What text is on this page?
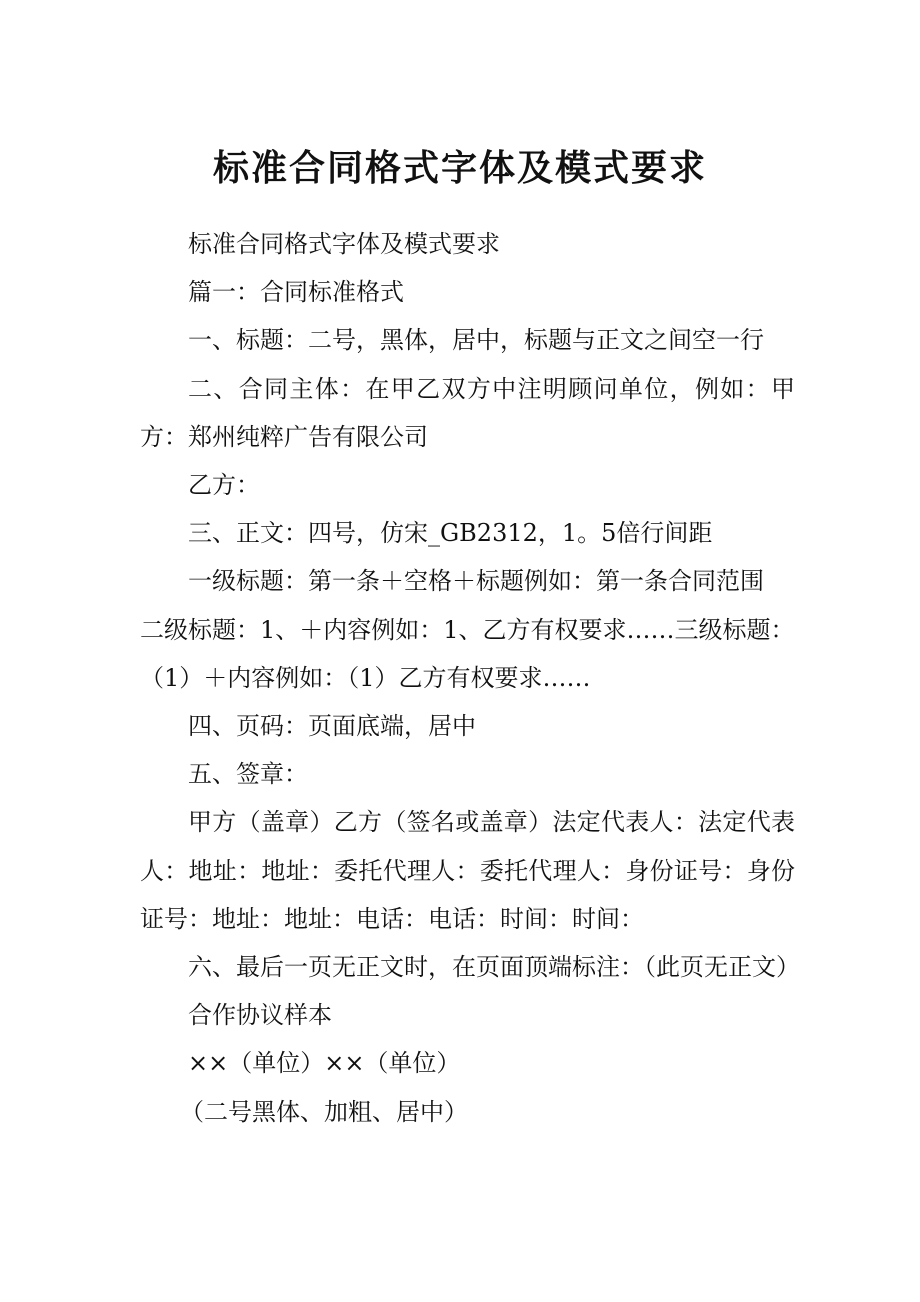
标准合同格式字体及模式要求

标准合同格式字体及模式要求

篇一：合同标准格式

一、标题：二号，黑体，居中，标题与正文之间空一行

二、合同主体：在甲乙双方中注明顾问单位，例如：甲方：郑州纯粹广告有限公司

乙方：

三、正文：四号，仿宋_GB2312，1。5倍行间距

一级标题：第一条＋空格＋标题例如：第一条合同范围

二级标题：1、＋内容例如：1、乙方有权要求……三级标题：

（1）＋内容例如：（1）乙方有权要求……

四、页码：页面底端，居中

五、签章：

甲方（盖章）乙方（签名或盖章）法定代表人：法定代表人：地址：地址：委托代理人：委托代理人：身份证号：身份证号：地址：地址：电话：电话：时间：时间：

六、最后一页无正文时，在页面顶端标注：（此页无正文）

合作协议样本

××（单位）××（单位）

（二号黑体、加粗、居中）
